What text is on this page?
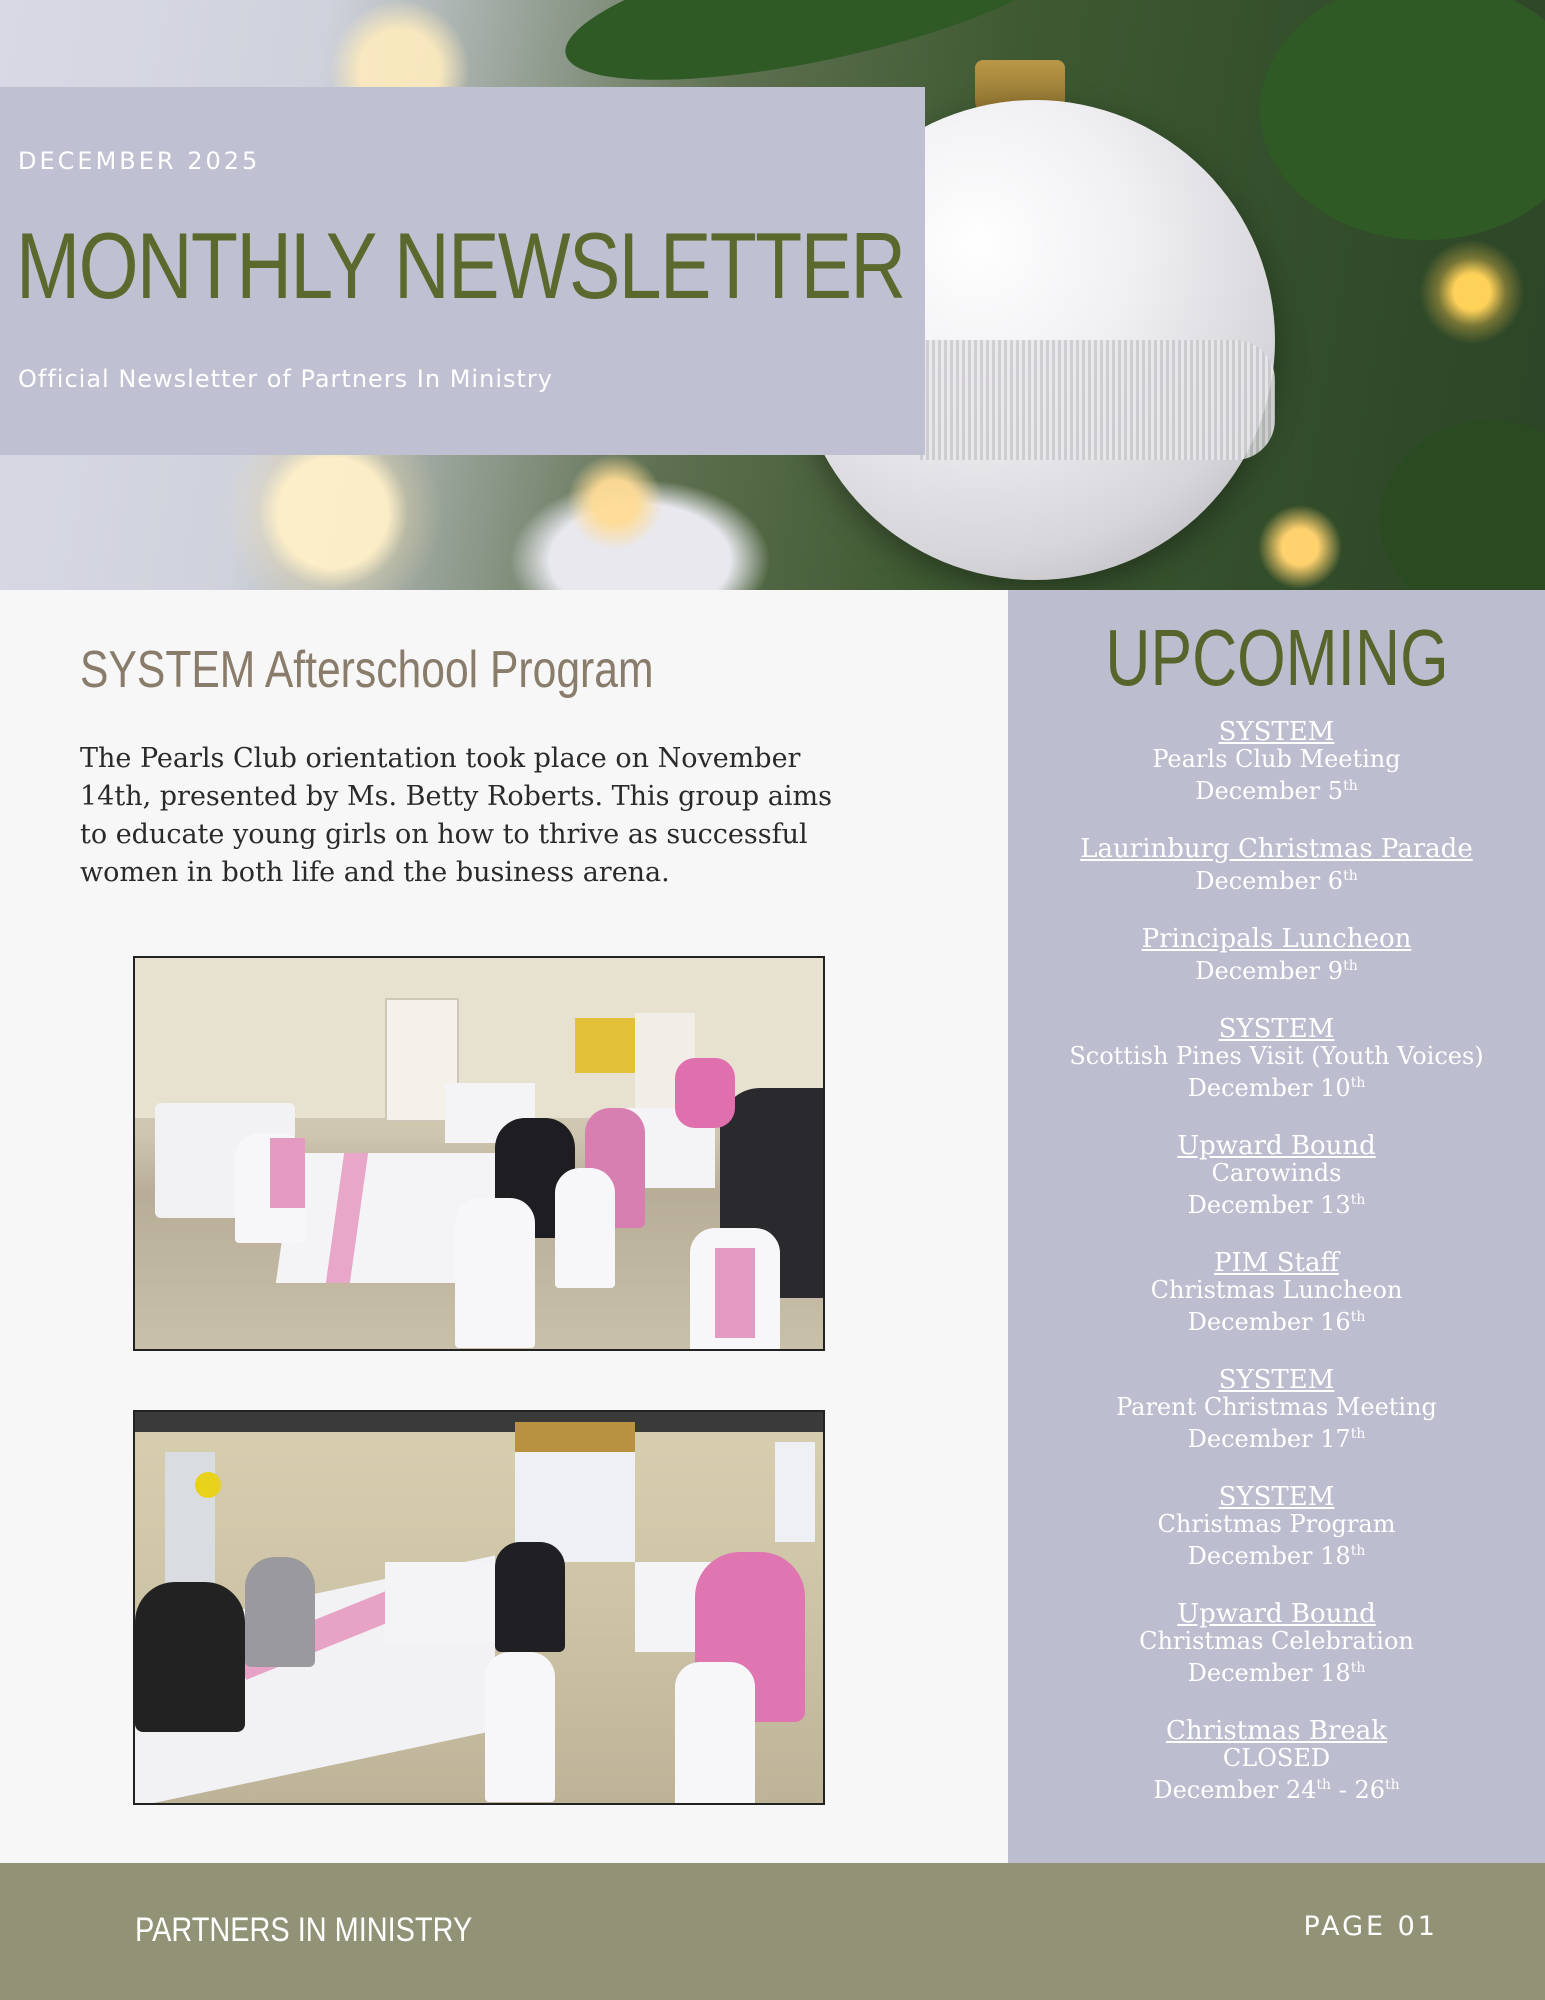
DECEMBER 2025
MONTHLY NEWSLETTER
Official Newsletter of Partners In Ministry
SYSTEM Afterschool Program
The Pearls Club orientation took place on November 14th, presented by Ms. Betty Roberts. This group aims to educate young girls on how to thrive as successful women in both life and the business arena.
UPCOMING
SYSTEM
Pearls Club Meeting
December 5th
Laurinburg Christmas Parade
December 6th
Principals Luncheon
December 9th
SYSTEM
Scottish Pines Visit (Youth Voices)
December 10th
Upward Bound
Carowinds
December 13th
PIM Staff
Christmas Luncheon
December 16th
SYSTEM
Parent Christmas Meeting
December 17th
SYSTEM
Christmas Program
December 18th
Upward Bound
Christmas Celebration
December 18th
Christmas Break
CLOSED
December 24th - 26th
PARTNERS IN MINISTRY	PAGE 01
